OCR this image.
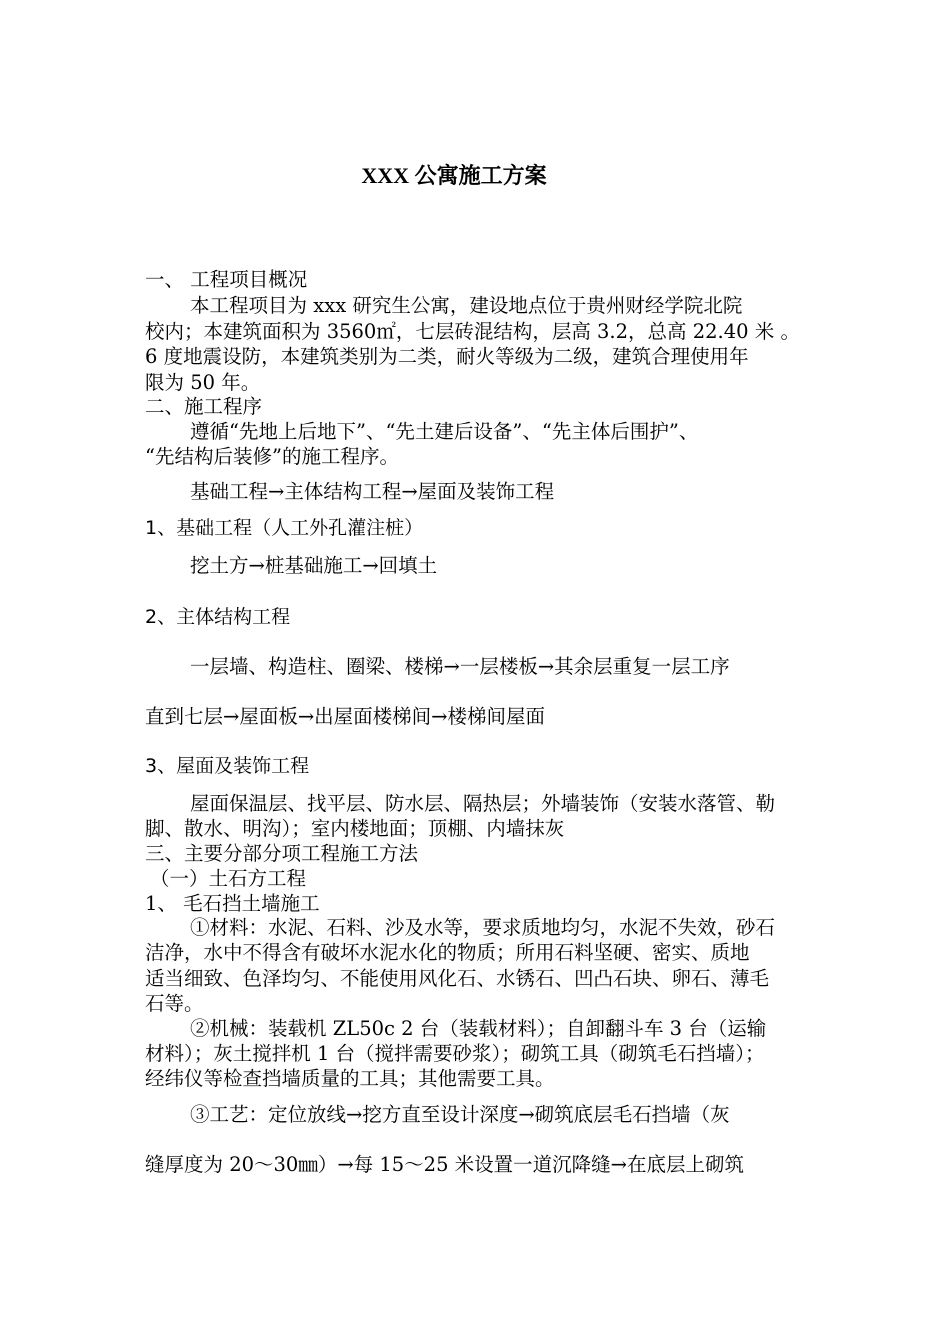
XXX 公寓施工方案
一、 工程项目概况
本工程项目为 xxx 研究生公寓，建设地点位于贵州财经学院北院
校内；本建筑面积为 3560㎡，七层砖混结构，层高 3.2，总高 22.40 米 。
6 度地震设防，本建筑类别为二类，耐火等级为二级，建筑合理使用年
限为 50 年。
二、施工程序
遵循“先地上后地下”、“先土建后设备”、“先主体后围护”、
“先结构后装修”的施工程序。
基础工程→主体结构工程→屋面及装饰工程
1、基础工程（人工外孔灌注桩）
挖土方→桩基础施工→回填土
2、主体结构工程
一层墙、构造柱、圈梁、楼梯→一层楼板→其余层重复一层工序
直到七层→屋面板→出屋面楼梯间→楼梯间屋面
3、屋面及装饰工程
屋面保温层、找平层、防水层、隔热层；外墙装饰（安装水落管、勒
脚、散水、明沟）；室内楼地面；顶棚、内墙抹灰
三、主要分部分项工程施工方法
（一）土石方工程
1、 毛石挡土墙施工
①材料：水泥、石料、沙及水等，要求质地均匀，水泥不失效，砂石
洁净，水中不得含有破坏水泥水化的物质；所用石料坚硬、密实、质地
适当细致、色泽均匀、不能使用风化石、水锈石、凹凸石块、卵石、薄毛
石等。
②机械：装载机 ZL50c 2 台（装载材料）；自卸翻斗车 3 台（运输
材料）；灰土搅拌机 1 台（搅拌需要砂浆）；砌筑工具（砌筑毛石挡墙）；
经纬仪等检查挡墙质量的工具；其他需要工具。
③工艺：定位放线→挖方直至设计深度→砌筑底层毛石挡墙（灰
缝厚度为 20～30㎜）→每 15～25 米设置一道沉降缝→在底层上砌筑
